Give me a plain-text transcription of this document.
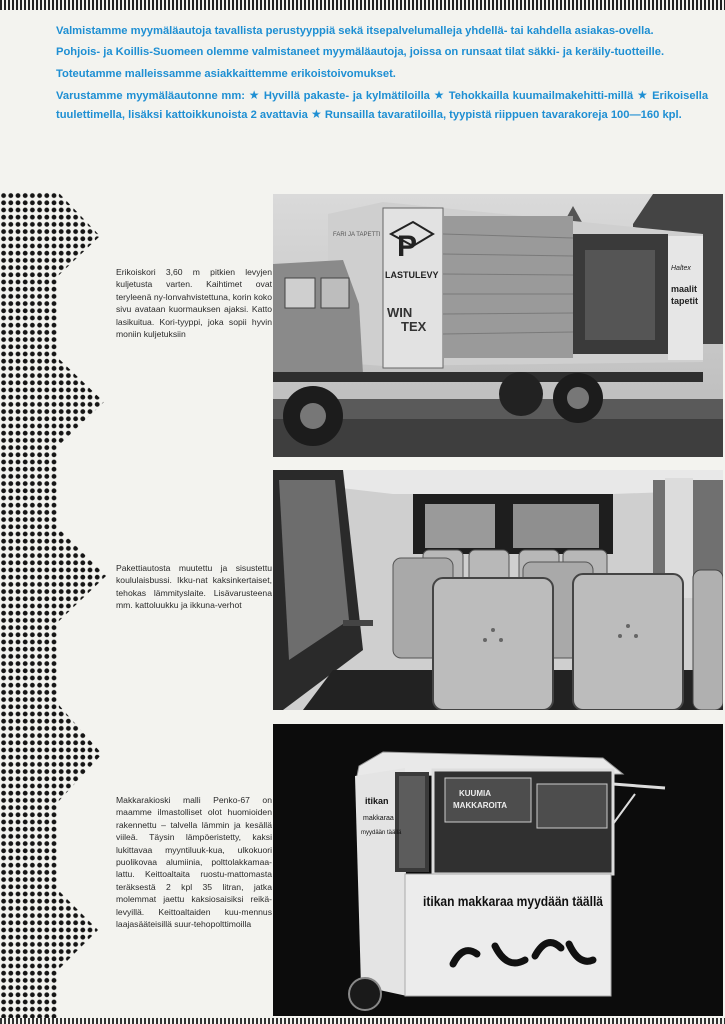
Valmistamme myymäläautoja tavallista perustyyppiä sekä itsepalvelumalleja yhdellä- tai kahdella asiakas-ovella.

Pohjois- ja Koillis-Suomeen olemme valmistaneet myymäläautoja, joissa on runsaat tilat säkki- ja keräily-tuotteille.

Toteutamme malleissamme asiakkaittemme erikoistoivomukset.

Varustamme myymäläautonne mm: ★ Hyvillä pakaste- ja kylmätiloilla ★ Tehokkailla kuumailmakehitti-millä ★ Erikoisella tuulettimella, lisäksi kattoikkunoista 2 avattavia ★ Runsailla tavaratiloilla, tyypistä riippuen tavarakoreja 100—160 kpl.

Erikoiskori 3,60 m pitkien levyjen kuljetusta varten. Kaihtimet ovat teryleenä ny-lonvahvistettuna, korin koko sivu avataan kuormauksen ajaksi. Katto lasikuitua. Kori-tyyppi, joka sopii hyvin moniin kuljetuksiin
P
LASTULEVY
WIN
TEX
Haltex
maalit
tapetit
FARI JA TAPETTI
Pakettiautosta muutettu ja sisustettu koululaisbussi. Ikku-nat kaksinkertaiset, tehokas lämmityslaite. Lisävarusteena mm. kattoluukku ja ikkuna-verhot
Makkarakioski malli Penko-67 on maamme ilmastolliset olot huomioiden rakennettu – talvella lämmin ja kesällä viileä. Täysin lämpöeristetty, kaksi lukittavaa myyntiluuk-kua, ulkokuori puolikovaa alumiinia, polttolakkamaa-lattu. Keittoaltaita ruostu-mattomasta teräksestä 2 kpl 35 litran, jatka molemmat jaettu kaksiosaisiksi reikä-levyillä. Keittoaltaiden kuu-mennus laajasääteisillä suur-tehopolttimoilla
itikan
makkaraa
myydään täällä
KUUMIA
MAKKAROITA
itikan makkaraa myydään täällä
